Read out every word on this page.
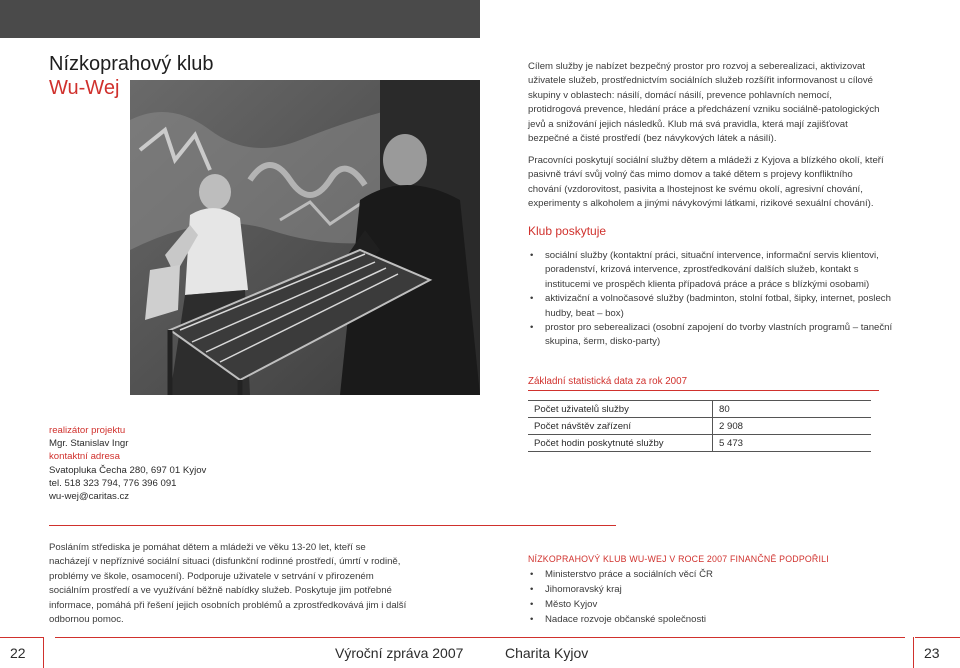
Nízkoprahový klub
Wu-Wej
Cílem služby je nabízet bezpečný prostor pro rozvoj a seberealizaci, aktivizovat uživatele služeb, prostřednictvím sociálních služeb rozšířit informovanost u cílové skupiny v oblastech: násilí, domácí násilí, prevence pohlavních nemocí, protidrogová prevence, hledání práce a předcházení vzniku sociálně-patologických jevů a snižování jejich následků. Klub má svá pravidla, která mají zajišťovat bezpečné a čisté prostředí (bez návykových látek a násilí).
Pracovníci poskytují sociální služby dětem a mládeži z Kyjova a blízkého okolí, kteří pasivně tráví svůj volný čas mimo domov a také dětem s projevy konfliktního chování (vzdorovitost, pasivita a lhostejnost ke svému okolí, agresivní chování, experimenty s alkoholem a jinými návykovými látkami, rizikové sexuální chování).
Klub poskytuje
• sociální služby (kontaktní práci, situační intervence, informační servis klientovi, poradenství, krizová intervence, zprostředkování dalších služeb, kontakt s institucemi ve prospěch klienta případová práce a práce s blízkými osobami)
• aktivizační a volnočasové služby (badminton, stolní fotbal, šipky, internet, poslech hudby, beat – box)
• prostor pro seberealizaci (osobní zapojení do tvorby vlastních programů – taneční skupina, šerm, disko-party)
Základní statistická data za rok 2007
Počet uživatelů služby	80
Počet návštěv zařízení	2 908
Počet hodin poskytnuté služby	5 473
realizátor projektu
Mgr. Stanislav Ingr
kontaktní adresa
Svatopluka Čecha 280, 697 01 Kyjov
tel. 518 323 794, 776 396 091
wu-wej@caritas.cz
Posláním střediska je pomáhat dětem a mládeži ve věku 13-20 let, kteří se nacházejí v nepříznivé sociální situaci (disfunkční rodinné prostředí, úmrtí v rodině, problémy ve škole, osamocení). Podporuje uživatele v setrvání v přirozeném sociálním prostředí a ve využívání běžně nabídky služeb. Poskytuje jim potřebné informace, pomáhá při řešení jejich osobních problémů a zprostředkovává jim i další odbornou pomoc.
NÍZKOPRAHOVÝ KLUB WU-WEJ V ROCE 2007 FINANČNĚ PODPOŘILI
• Ministerstvo práce a sociálních věcí ČR
• Jihomoravský kraj
• Město Kyjov
• Nadace rozvoje občanské společnosti
22	Výroční zpráva 2007	Charita Kyjov	23
